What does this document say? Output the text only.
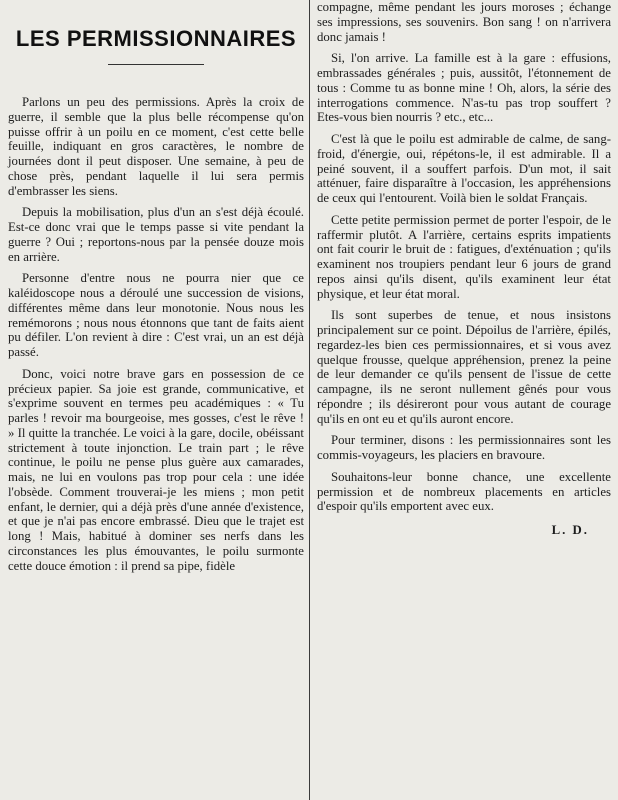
LES PERMISSIONNAIRES

Parlons un peu des permissions. Après la croix de guerre, il semble que la plus belle récompense qu'on puisse offrir à un poilu en ce moment, c'est cette belle feuille, indiquant en gros caractères, le nombre de journées dont il peut disposer. Une semaine, à peu de chose près, pendant laquelle il lui sera permis d'embrasser les siens.

Depuis la mobilisation, plus d'un an s'est déjà écoulé. Est-ce donc vrai que le temps passe si vite pendant la guerre ? Oui ; reportons-nous par la pensée douze mois en arrière.

Personne d'entre nous ne pourra nier que ce kaléidoscope nous a déroulé une succession de visions, différentes même dans leur monotonie. Nous nous les remémorons ; nous nous étonnons que tant de faits aient pu défiler. L'on revient à dire : C'est vrai, un an est déjà passé.

Donc, voici notre brave gars en possession de ce précieux papier. Sa joie est grande, communicative, et s'exprime souvent en termes peu académiques : « Tu parles ! revoir ma bourgeoise, mes gosses, c'est le rêve ! » Il quitte la tranchée. Le voici à la gare, docile, obéissant strictement à toute injonction. Le train part ; le rêve continue, le poilu ne pense plus guère aux camarades, mais, ne lui en voulons pas trop pour cela : une idée l'obsède. Comment trouverai-je les miens ; mon petit enfant, le dernier, qui a déjà près d'une année d'existence, et que je n'ai pas encore embrassé. Dieu que le trajet est long ! Mais, habitué à dominer ses nerfs dans les circonstances les plus émouvantes, le poilu surmonte cette douce émotion : il prend sa pipe, fidèle

compagne, même pendant les jours moroses ; échange ses impressions, ses souvenirs. Bon sang ! on n'arrivera donc jamais !

Si, l'on arrive. La famille est à la gare : effusions, embrassades générales ; puis, aussitôt, l'étonnement de tous : Comme tu as bonne mine ! Oh, alors, la série des interrogations commence. N'as-tu pas trop souffert ? Etes-vous bien nourris ? etc., etc...

C'est là que le poilu est admirable de calme, de sang-froid, d'énergie, oui, répétons-le, il est admirable. Il a peiné souvent, il a souffert parfois. D'un mot, il sait atténuer, faire disparaître à l'occasion, les appréhensions de ceux qui l'entourent. Voilà bien le soldat Français.

Cette petite permission permet de porter l'espoir, de le raffermir plutôt. A l'arrière, certains esprits impatients ont fait courir le bruit de : fatigues, d'exténuation ; qu'ils examinent nos troupiers pendant leur 6 jours de grand repos ainsi qu'ils disent, qu'ils examinent leur état physique, et leur état moral.

Ils sont superbes de tenue, et nous insistons principalement sur ce point. Dépoilus de l'arrière, épilés, regardez-les bien ces permissionnaires, et si vous avez quelque frousse, quelque appréhension, prenez la peine de leur demander ce qu'ils pensent de l'issue de cette campagne, ils ne seront nullement gênés pour vous répondre ; ils désireront pour vous autant de courage qu'ils en ont eu et qu'ils auront encore.

Pour terminer, disons : les permissionnaires sont les commis-voyageurs, les placiers en bravoure.

Souhaitons-leur bonne chance, une excellente permission et de nombreux placements en articles d'espoir qu'ils emportent avec eux.

L. D.
